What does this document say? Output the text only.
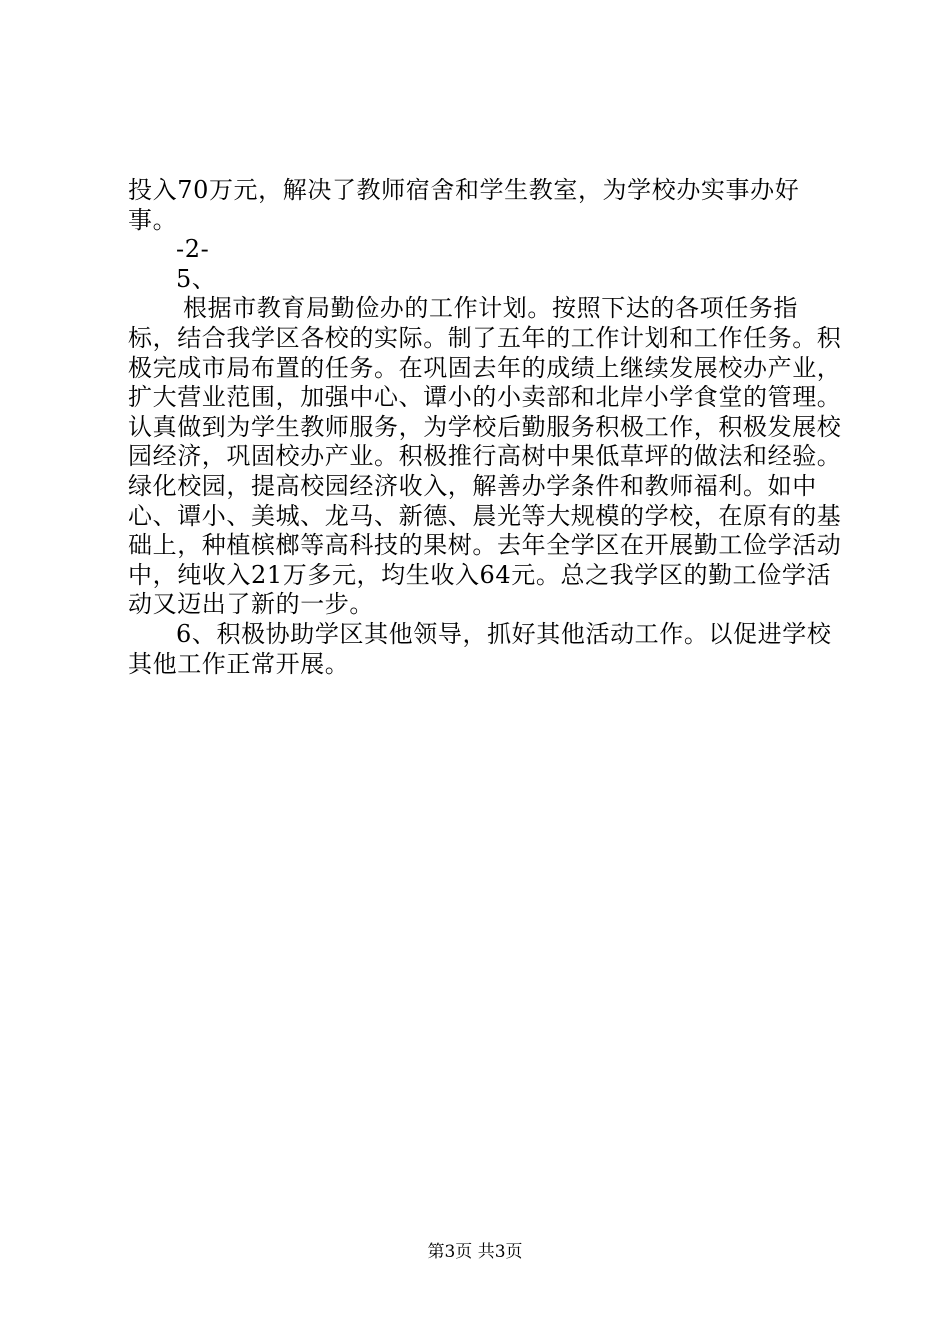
投入70万元，解决了教师宿舍和学生教室，为学校办实事办好事。

-2-

5、

根据市教育局勤俭办的工作计划。按照下达的各项任务指标，结合我学区各校的实际。制了五年的工作计划和工作任务。积极完成市局布置的任务。在巩固去年的成绩上继续发展校办产业，扩大营业范围，加强中心、谭小的小卖部和北岸小学食堂的管理。认真做到为学生教师服务，为学校后勤服务积极工作，积极发展校园经济，巩固校办产业。积极推行高树中果低草坪的做法和经验。绿化校园，提高校园经济收入，解善办学条件和教师福利。如中心、谭小、美城、龙马、新德、晨光等大规模的学校，在原有的基础上，种植槟榔等高科技的果树。去年全学区在开展勤工俭学活动中，纯收入21万多元，均生收入64元。总之我学区的勤工俭学活动又迈出了新的一步。

6、积极协助学区其他领导，抓好其他活动工作。以促进学校其他工作正常开展。

第3页 共3页
